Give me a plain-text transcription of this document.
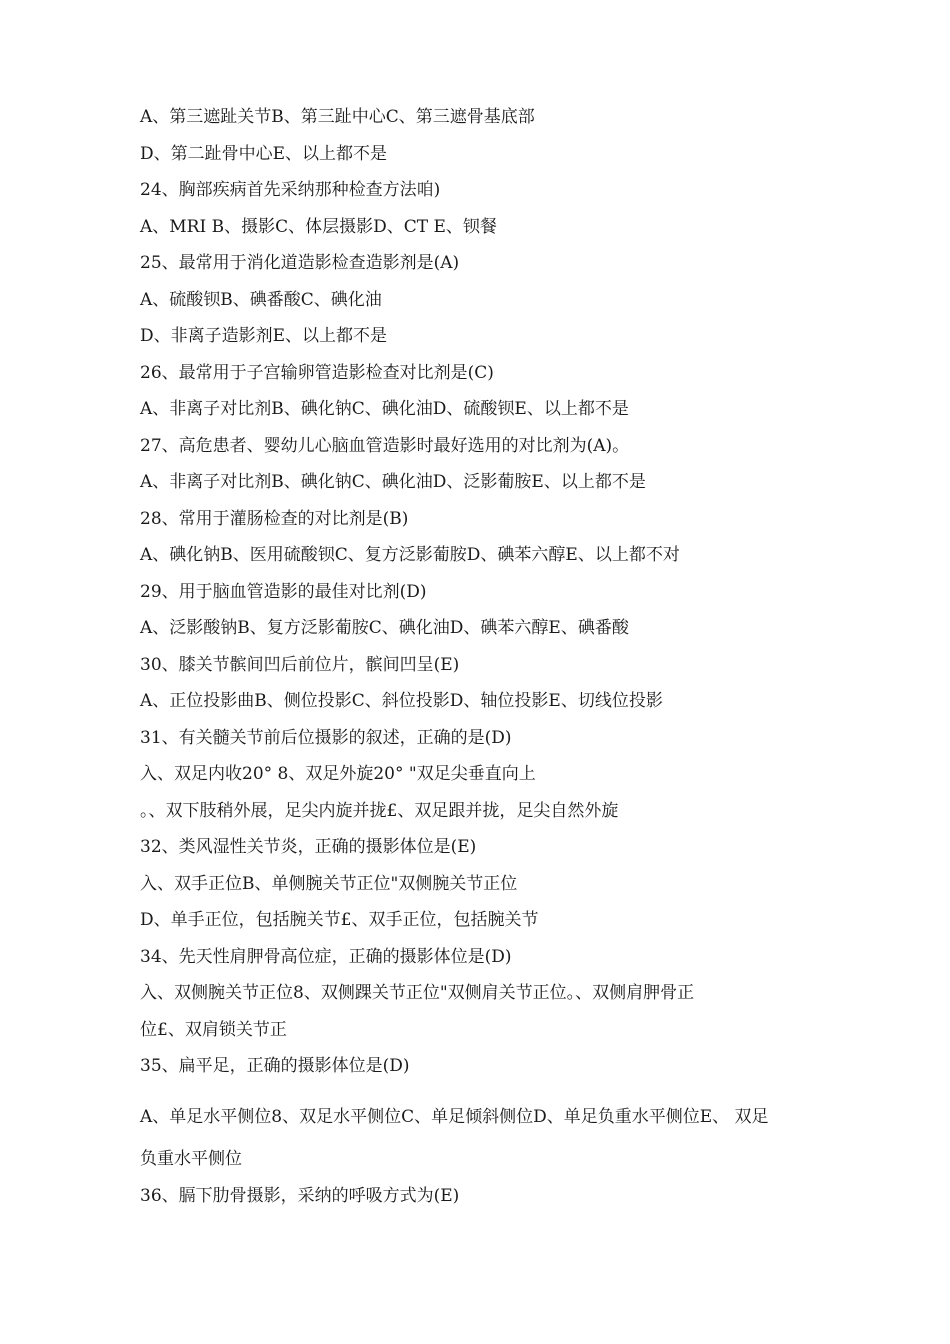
A、第三遮趾关节B、第三趾中心C、第三遮骨基底部

D、第二趾骨中心E、以上都不是

24、胸部疾病首先采纳那种检查方法咱)

A、MRI B、摄影C、体层摄影D、CT E、钡餐

25、最常用于消化道造影检查造影剂是(A)

A、硫酸钡B、碘番酸C、碘化油

D、非离子造影剂E、以上都不是

26、最常用于子宫输卵管造影检查对比剂是(C)

A、非离子对比剂B、碘化钠C、碘化油D、硫酸钡E、以上都不是

27、高危患者、婴幼儿心脑血管造影时最好选用的对比剂为(A)。

A、非离子对比剂B、碘化钠C、碘化油D、泛影葡胺E、以上都不是

28、常用于灌肠检查的对比剂是(B)

A、碘化钠B、医用硫酸钡C、复方泛影葡胺D、碘苯六醇E、以上都不对

29、用于脑血管造影的最佳对比剂(D)

A、泛影酸钠B、复方泛影葡胺C、碘化油D、碘苯六醇E、碘番酸

30、膝关节髌间凹后前位片，髌间凹呈(E)

A、正位投影曲B、侧位投影C、斜位投影D、轴位投影E、切线位投影

31、有关髓关节前后位摄影的叙述，正确的是(D)

入、双足内收20° 8、双足外旋20° "双足尖垂直向上

。、双下肢稍外展，足尖内旋并拢£、双足跟并拢，足尖自然外旋

32、类风湿性关节炎，正确的摄影体位是(E)

入、双手正位B、单侧腕关节正位"双侧腕关节正位

D、单手正位，包括腕关节£、双手正位，包括腕关节

34、先天性肩胛骨高位症，正确的摄影体位是(D)

入、双侧腕关节正位8、双侧踝关节正位"双侧肩关节正位。、双侧肩胛骨正

位£、双肩锁关节正

35、扁平足，正确的摄影体位是(D)

A、单足水平侧位8、双足水平侧位C、单足倾斜侧位D、单足负重水平侧位E、 双足

负重水平侧位

36、膈下肋骨摄影，采纳的呼吸方式为(E)
